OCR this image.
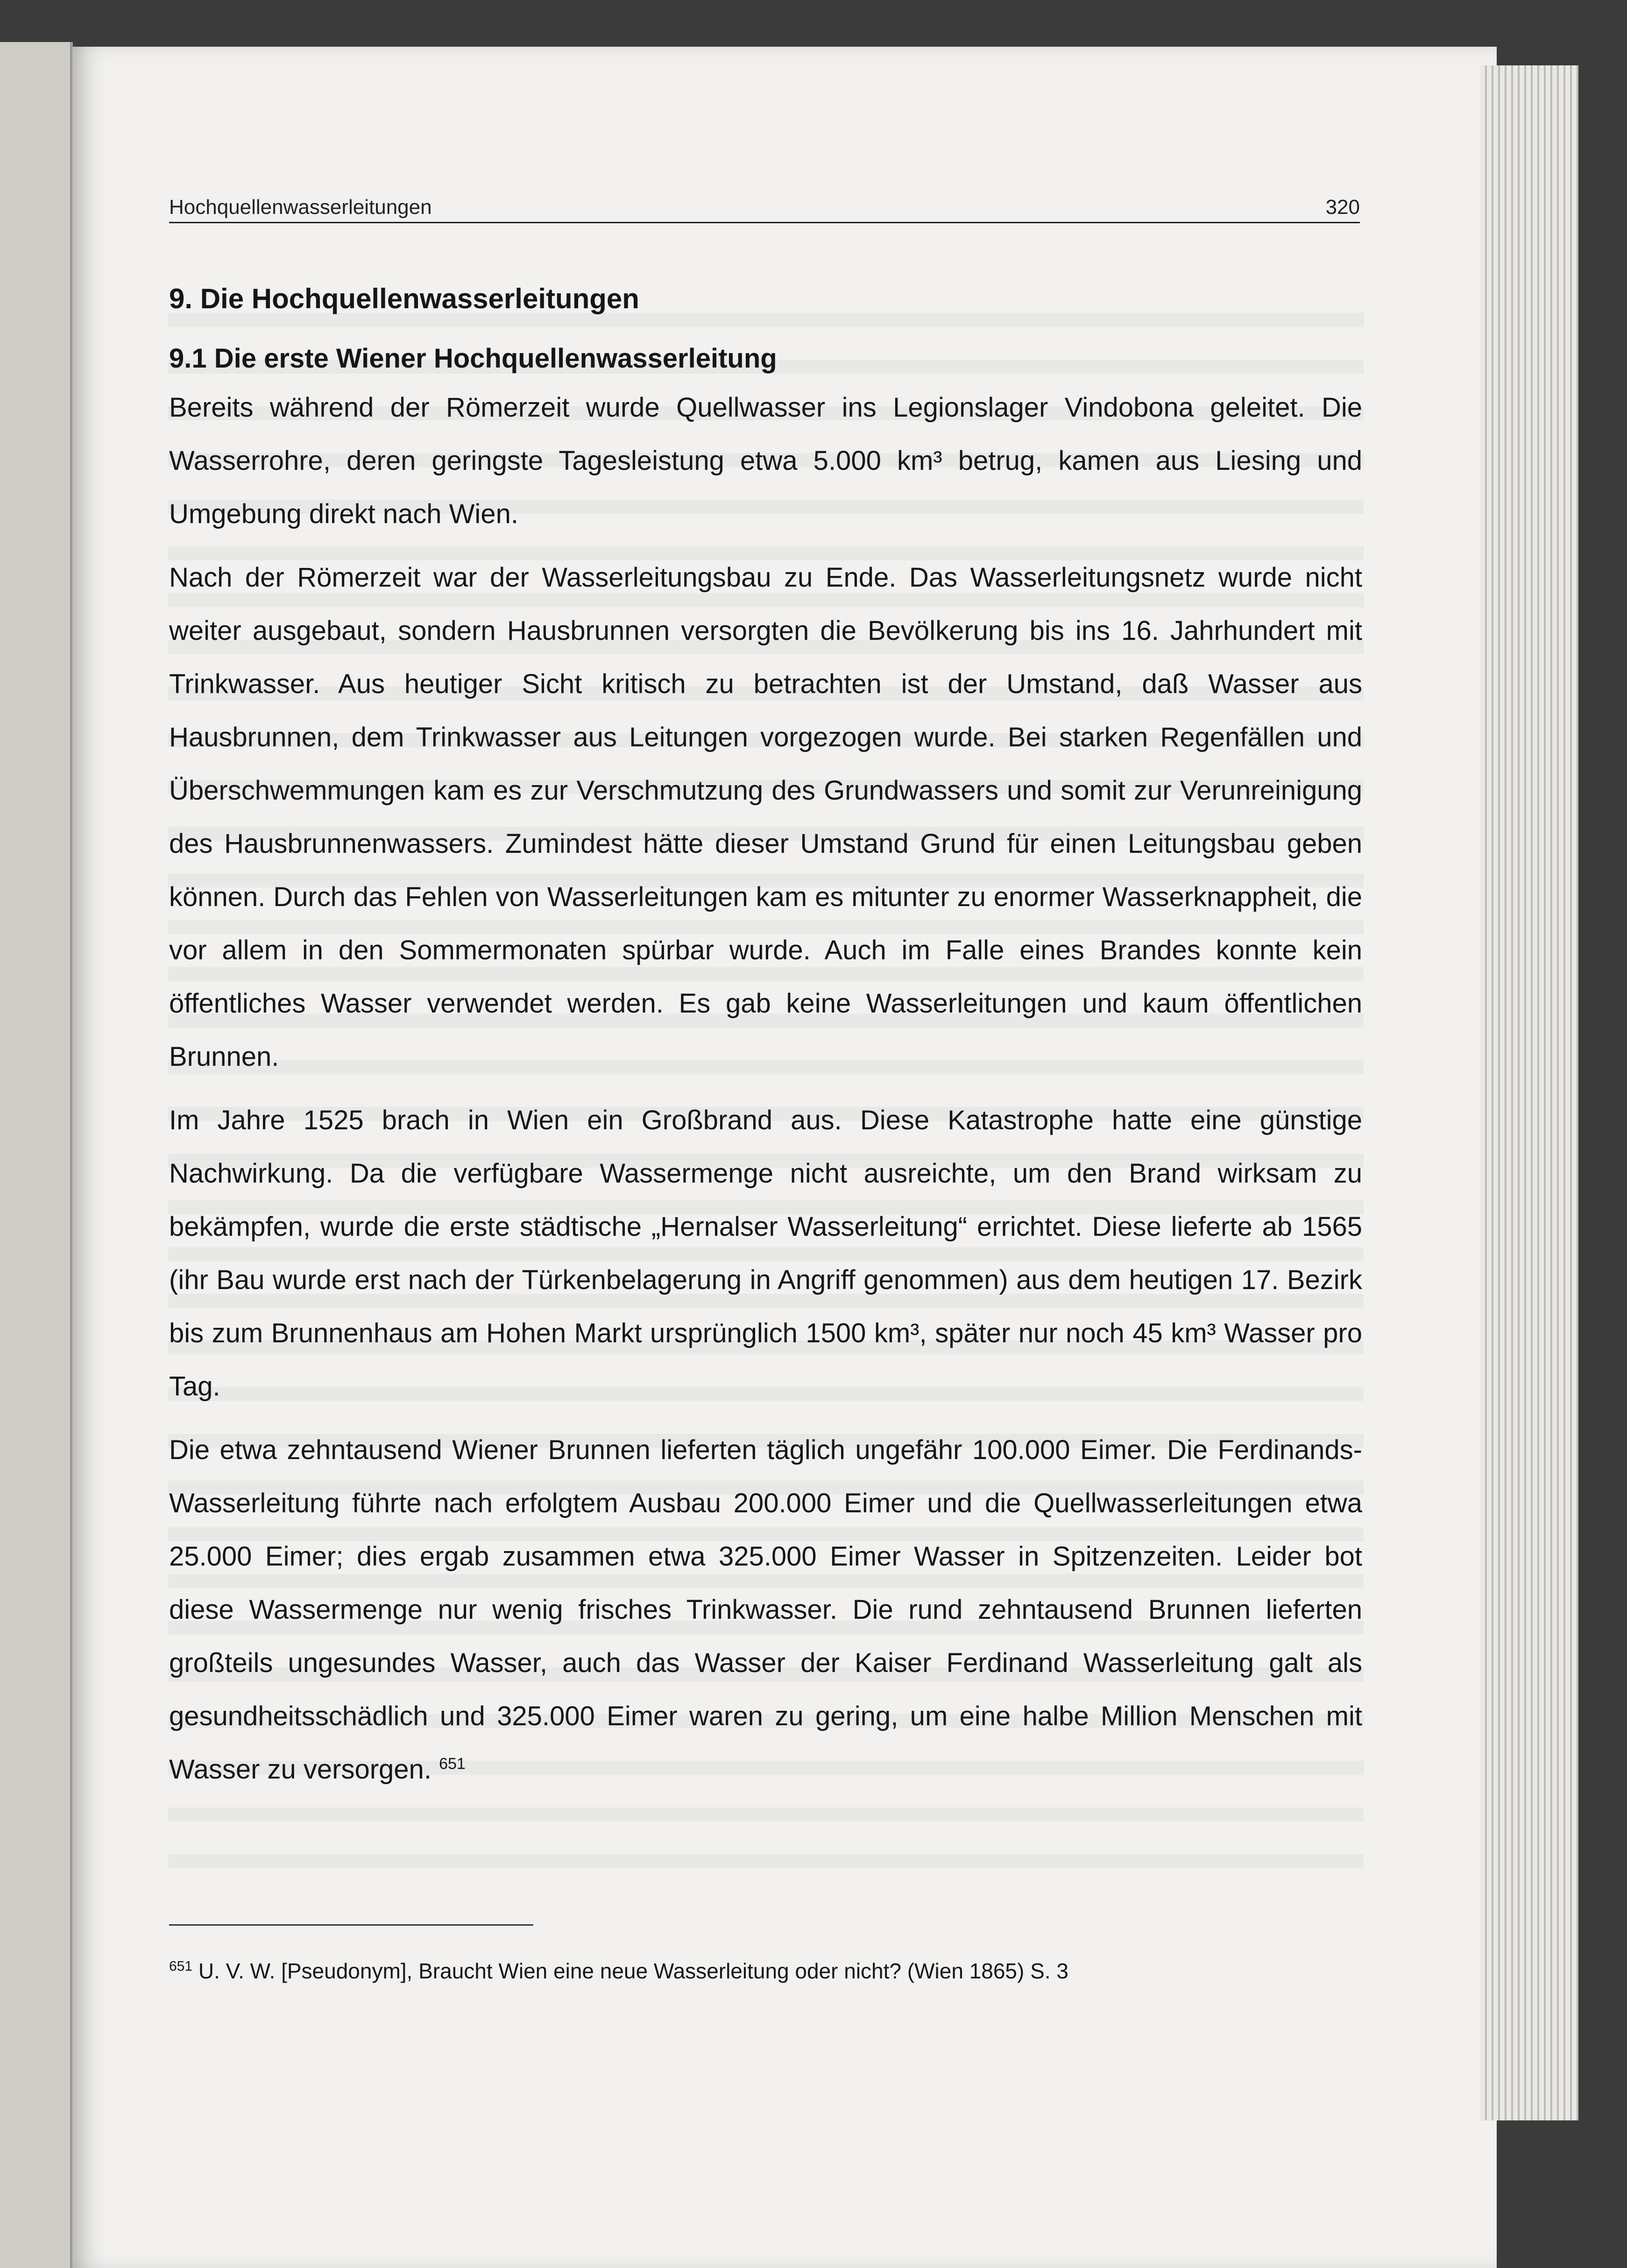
Hochquellenwasserleitungen	320
9. Die Hochquellenwasserleitungen
9.1 Die erste Wiener Hochquellenwasserleitung

Bereits während der Römerzeit wurde Quellwasser ins Legionslager Vindobona geleitet. Die Wasserrohre, deren geringste Tagesleistung etwa 5.000 km³ betrug, kamen aus Liesing und Umgebung direkt nach Wien.

Nach der Römerzeit war der Wasserleitungsbau zu Ende. Das Wasserleitungsnetz wurde nicht weiter ausgebaut, sondern Hausbrunnen versorgten die Bevölkerung bis ins 16. Jahrhundert mit Trinkwasser. Aus heutiger Sicht kritisch zu betrachten ist der Umstand, daß Wasser aus Hausbrunnen, dem Trinkwasser aus Leitungen vorgezogen wurde. Bei starken Regenfällen und Überschwemmungen kam es zur Verschmutzung des Grundwassers und somit zur Verunreinigung des Hausbrunnenwassers. Zumindest hätte dieser Umstand Grund für einen Leitungsbau geben können. Durch das Fehlen von Wasserleitungen kam es mitunter zu enormer Wasserknappheit, die vor allem in den Sommermonaten spürbar wurde. Auch im Falle eines Brandes konnte kein öffentliches Wasser verwendet werden. Es gab keine Wasserleitungen und kaum öffentlichen Brunnen.

Im Jahre 1525 brach in Wien ein Großbrand aus. Diese Katastrophe hatte eine günstige Nachwirkung. Da die verfügbare Wassermenge nicht ausreichte, um den Brand wirksam zu bekämpfen, wurde die erste städtische „Hernalser Wasserleitung“ errichtet. Diese lieferte ab 1565 (ihr Bau wurde erst nach der Türkenbelagerung in Angriff genommen) aus dem heutigen 17. Bezirk bis zum Brunnenhaus am Hohen Markt ursprünglich 1500 km³, später nur noch 45 km³ Wasser pro Tag.

Die etwa zehntausend Wiener Brunnen lieferten täglich ungefähr 100.000 Eimer. Die Ferdinands-Wasserleitung führte nach erfolgtem Ausbau 200.000 Eimer und die Quellwasserleitungen etwa 25.000 Eimer; dies ergab zusammen etwa 325.000 Eimer Wasser in Spitzenzeiten. Leider bot diese Wassermenge nur wenig frisches Trinkwasser. Die rund zehntausend Brunnen lieferten großteils ungesundes Wasser, auch das Wasser der Kaiser Ferdinand Wasserleitung galt als gesundheitsschädlich und 325.000 Eimer waren zu gering, um eine halbe Million Menschen mit Wasser zu versorgen. $^{651}$

$^{651}$ U. V. W. [Pseudonym], Braucht Wien eine neue Wasserleitung oder nicht? (Wien 1865) S. 3
